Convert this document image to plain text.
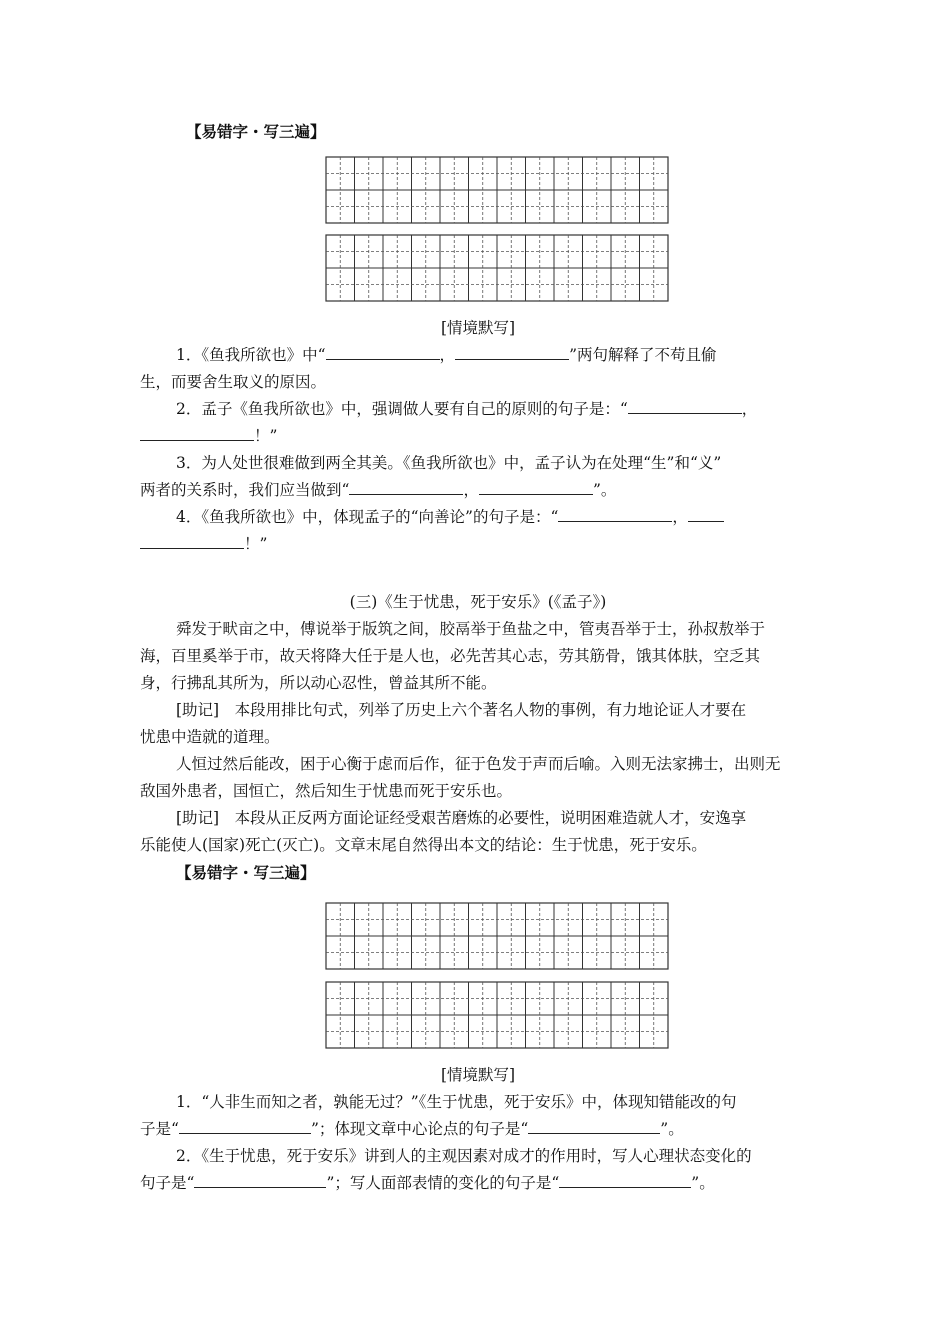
【易错字・写三遍】
[情境默写]
1．《鱼我所欲也》中“	，	”两句解释了不苟且偷
生，而要舍生取义的原因。
2．孟子《鱼我所欲也》中，强调做人要有自己的原则的句子是：“	，
！”
3．为人处世很难做到两全其美。《鱼我所欲也》中，孟子认为在处理“生”和“义”
两者的关系时，我们应当做到“	，	”。
4．《鱼我所欲也》中，体现孟子的“向善论”的句子是：“	，
！”
(三)《生于忧患，死于安乐》(《孟子》)
舜发于畎亩之中，傅说举于版筑之间，胶鬲举于鱼盐之中，管夷吾举于士，孙叔敖举于
海，百里奚举于市，故天将降大任于是人也，必先苦其心志，劳其筋骨，饿其体肤，空乏其
身，行拂乱其所为，所以动心忍性，曾益其所不能。
[助记]　本段用排比句式，列举了历史上六个著名人物的事例，有力地论证人才要在
忧患中造就的道理。
人恒过然后能改，困于心衡于虑而后作，征于色发于声而后喻。入则无法家拂士，出则无
敌国外患者，国恒亡，然后知生于忧患而死于安乐也。
[助记]　本段从正反两方面论证经受艰苦磨炼的必要性，说明困难造就人才，安逸享
乐能使人(国家)死亡(灭亡)。文章末尾自然得出本文的结论：生于忧患，死于安乐。
【易错字・写三遍】
[情境默写]
1．“人非生而知之者，孰能无过？”《生于忧患，死于安乐》中，体现知错能改的句
子是“	”；体现文章中心论点的句子是“	”。
2．《生于忧患，死于安乐》讲到人的主观因素对成才的作用时，写人心理状态变化的
句子是“	”；写人面部表情的变化的句子是“	”。
